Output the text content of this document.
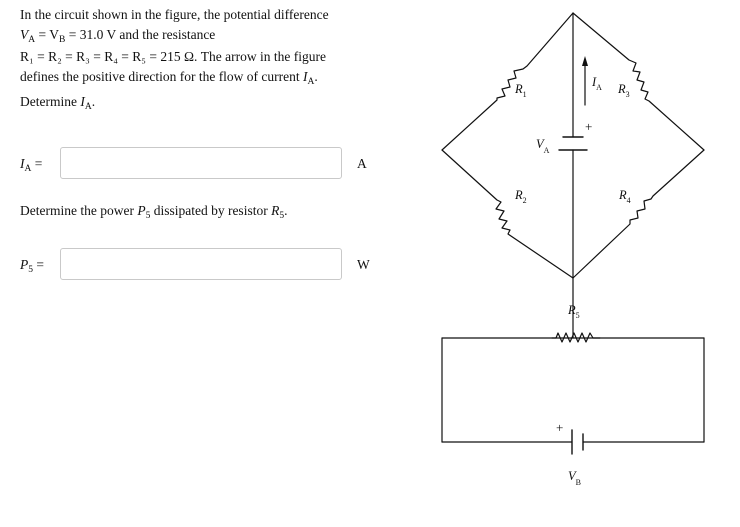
In the circuit shown in the figure, the potential difference

$V_A = V_B = 31.0$ V and the resistance

R₁ = R₂ = R₃ = R₄ = R₅ = 215 Ω. The arrow in the figure

defines the positive direction for the flow of current $I_A$.

Determine $I_A$.
$I_A$ =	A
Determine the power $P_5$ dissipated by resistor $R_5$.
$P_5$ =	W
$R_1$	$R_3$
$R_2$	$R_4$
$R_5$
$I_A$
$V_A$
$V_B$
+
+
